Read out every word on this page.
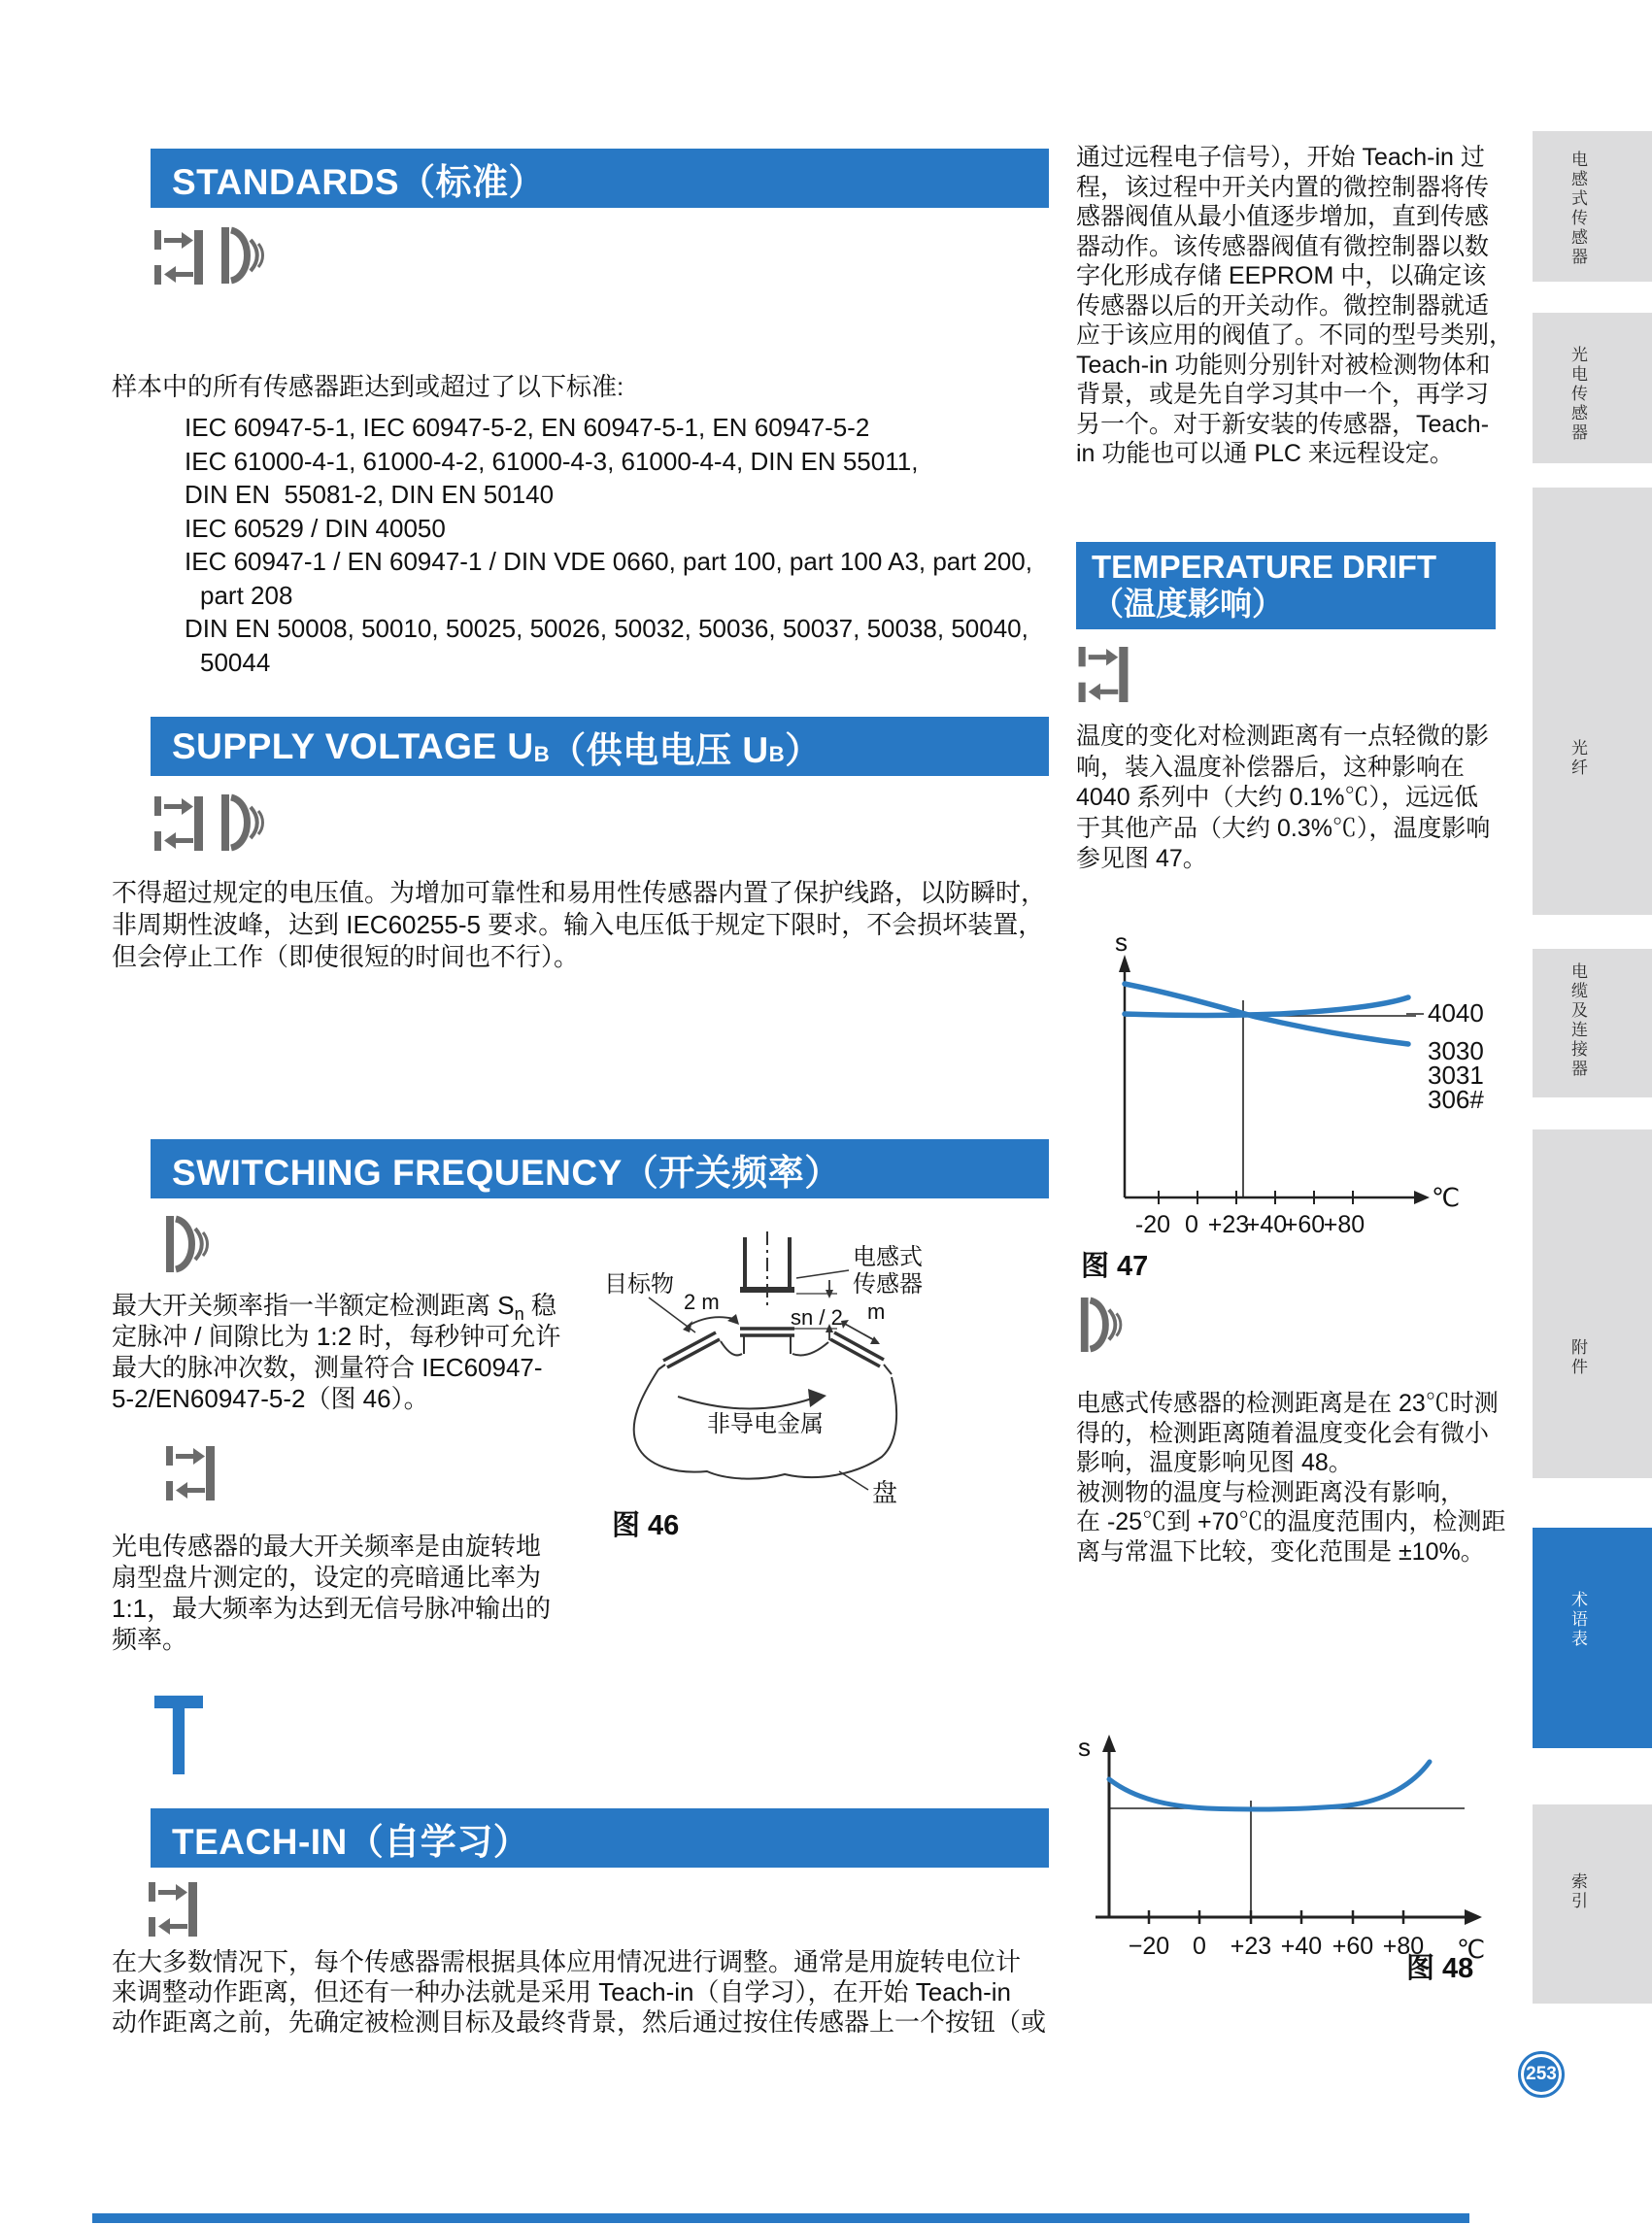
STANDARDS（标准）
SUPPLY VOLTAGE U B （供电电压 U B ）
SWITCHING FREQUENCY（开关频率）
TEACH-IN（自学习）
TEMPERATURE DRIFT
（温度影响）
样本中的所有传感器距达到或超过了以下标准:
IEC 60947-5-1, IEC 60947-5-2, EN 60947-5-1, EN 60947-5-2
IEC 61000-4-1, 61000-4-2, 61000-4-3, 61000-4-4, DIN EN 55011,
DIN EN  55081-2, DIN EN 50140
IEC 60529 / DIN 40050
IEC 60947-1 / EN 60947-1 / DIN VDE 0660, part 100, part 100 A3, part 200,
part 208
DIN EN 50008, 50010, 50025, 50026, 50032, 50036, 50037, 50038, 50040,
50044
不得超过规定的电压值。为增加可靠性和易用性传感器内置了保护线路，以防瞬时，
非周期性波峰，达到 IEC60255-5 要求。输入电压低于规定下限时，不会损坏装置，
但会停止工作（即使很短的时间也不行）。
最大开关频率指一半额定检测距离 $S_n$ 稳
定脉冲 / 间隙比为 1:2 时，每秒钟可允许
最大的脉冲次数，测量符合 IEC60947-
5-2/EN60947-5-2（图 46）。
光电传感器的最大开关频率是由旋转地
扇型盘片测定的，设定的亮暗通比率为
1:1，最大频率为达到无信号脉冲输出的
频率。
T
在大多数情况下，每个传感器需根据具体应用情况进行调整。通常是用旋转电位计
来调整动作距离，但还有一种办法就是采用 Teach-in（自学习），在开始 Teach-in
动作距离之前，先确定被检测目标及最终背景，然后通过按住传感器上一个按钮（或
通过远程电子信号），开始 Teach-in 过
程，该过程中开关内置的微控制器将传
感器阀值从最小值逐步增加，直到传感
器动作。该传感器阀值有微控制器以数
字化形成存储 EEPROM 中，以确定该
传感器以后的开关动作。微控制器就适
应于该应用的阀值了。不同的型号类别，
Teach-in 功能则分别针对被检测物体和
背景，或是先自学习其中一个，再学习
另一个。对于新安装的传感器，Teach-
in 功能也可以通 PLC 来远程设定。
温度的变化对检测距离有一点轻微的影
响，装入温度补偿器后，这种影响在
4040 系列中（大约 0.1%℃），远远低
于其他产品（大约 0.3%℃），温度影响
参见图 47。
电感式传感器的检测距离是在 23℃时测
得的，检测距离随着温度变化会有微小
影响，温度影响见图 48。
被测物的温度与检测距离没有影响，
在 -25℃到 +70℃的温度范围内，检测距
离与常温下比较，变化范围是 ±10%。
目标物
电感式
传感器
2 m
sn / 2 m
非导电金属
盘
图 46
s
℃
-20 0 +23
+40
+60
+80
4040
3030
3031
306#
图 47
s
℃
−20 0 +23 +40 +60 +80
图 48
电感式传感器
光电传感器
光纤
电缆及连接器
附件
术语表
索引
253
